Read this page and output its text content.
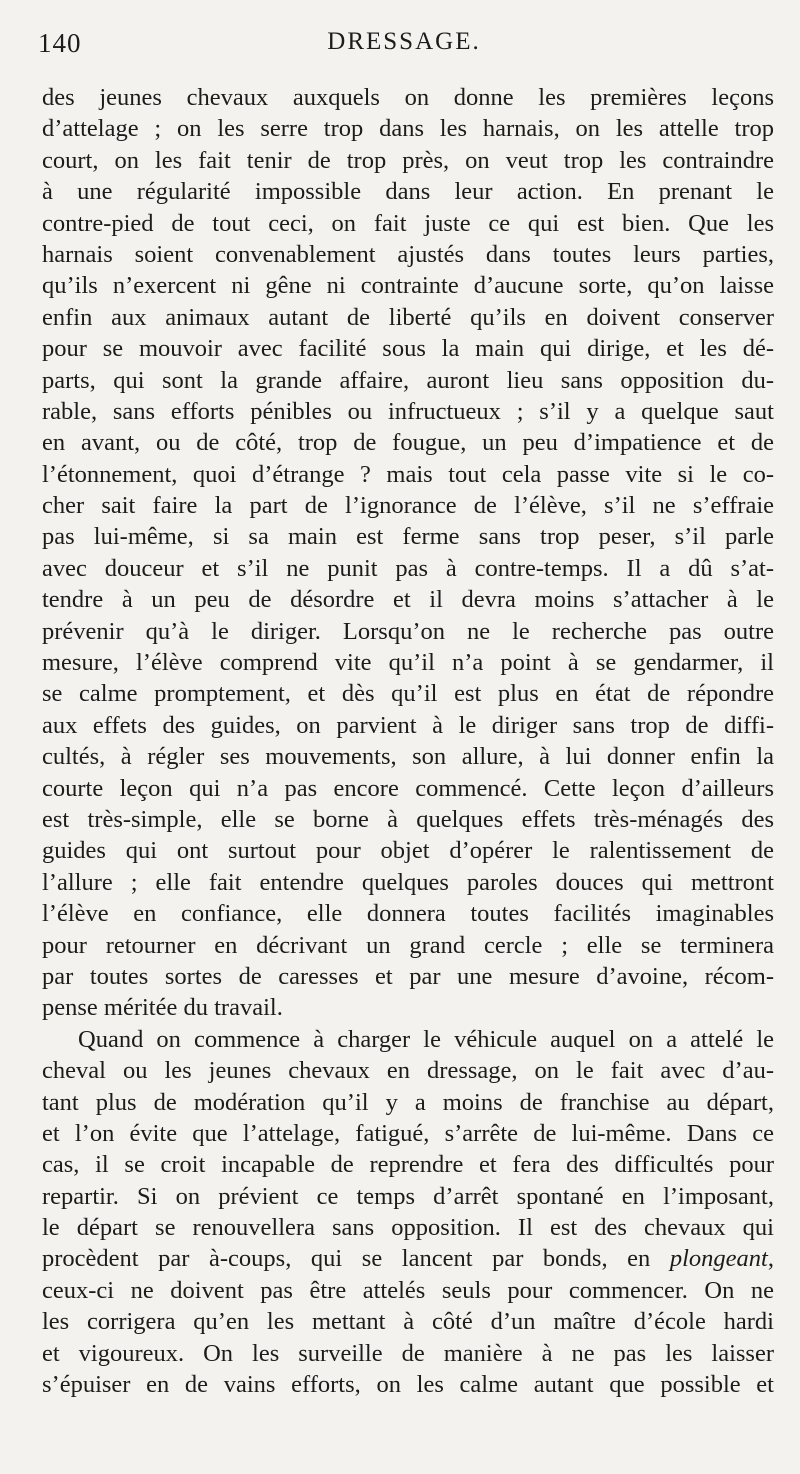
140	DRESSAGE.
des jeunes chevaux auxquels on donne les premières leçons
d’attelage ; on les serre trop dans les harnais, on les attelle trop
court, on les fait tenir de trop près, on veut trop les contraindre
à une régularité impossible dans leur action. En prenant le
contre-pied de tout ceci, on fait juste ce qui est bien. Que les
harnais soient convenablement ajustés dans toutes leurs parties,
qu’ils n’exercent ni gêne ni contrainte d’aucune sorte, qu’on laisse
enfin aux animaux autant de liberté qu’ils en doivent conserver
pour se mouvoir avec facilité sous la main qui dirige, et les dé-
parts, qui sont la grande affaire, auront lieu sans opposition du-
rable, sans efforts pénibles ou infructueux ; s’il y a quelque saut
en avant, ou de côté, trop de fougue, un peu d’impatience et de
l’étonnement, quoi d’étrange ? mais tout cela passe vite si le co-
cher sait faire la part de l’ignorance de l’élève, s’il ne s’effraie
pas lui-même, si sa main est ferme sans trop peser, s’il parle
avec douceur et s’il ne punit pas à contre-temps. Il a dû s’at-
tendre à un peu de désordre et il devra moins s’attacher à le
prévenir qu’à le diriger. Lorsqu’on ne le recherche pas outre
mesure, l’élève comprend vite qu’il n’a point à se gendarmer, il
se calme promptement, et dès qu’il est plus en état de répondre
aux effets des guides, on parvient à le diriger sans trop de diffi-
cultés, à régler ses mouvements, son allure, à lui donner enfin la
courte leçon qui n’a pas encore commencé. Cette leçon d’ailleurs
est très-simple, elle se borne à quelques effets très-ménagés des
guides qui ont surtout pour objet d’opérer le ralentissement de
l’allure ; elle fait entendre quelques paroles douces qui mettront
l’élève en confiance, elle donnera toutes facilités imaginables
pour retourner en décrivant un grand cercle ; elle se terminera
par toutes sortes de caresses et par une mesure d’avoine, récom-
pense méritée du travail.
Quand on commence à charger le véhicule auquel on a attelé le
cheval ou les jeunes chevaux en dressage, on le fait avec d’au-
tant plus de modération qu’il y a moins de franchise au départ,
et l’on évite que l’attelage, fatigué, s’arrête de lui-même. Dans ce
cas, il se croit incapable de reprendre et fera des difficultés pour
repartir. Si on prévient ce temps d’arrêt spontané en l’imposant,
le départ se renouvellera sans opposition. Il est des chevaux qui
procèdent par à-coups, qui se lancent par bonds, en plongeant,
ceux-ci ne doivent pas être attelés seuls pour commencer. On ne
les corrigera qu’en les mettant à côté d’un maître d’école hardi
et vigoureux. On les surveille de manière à ne pas les laisser
s’épuiser en de vains efforts, on les calme autant que possible et
